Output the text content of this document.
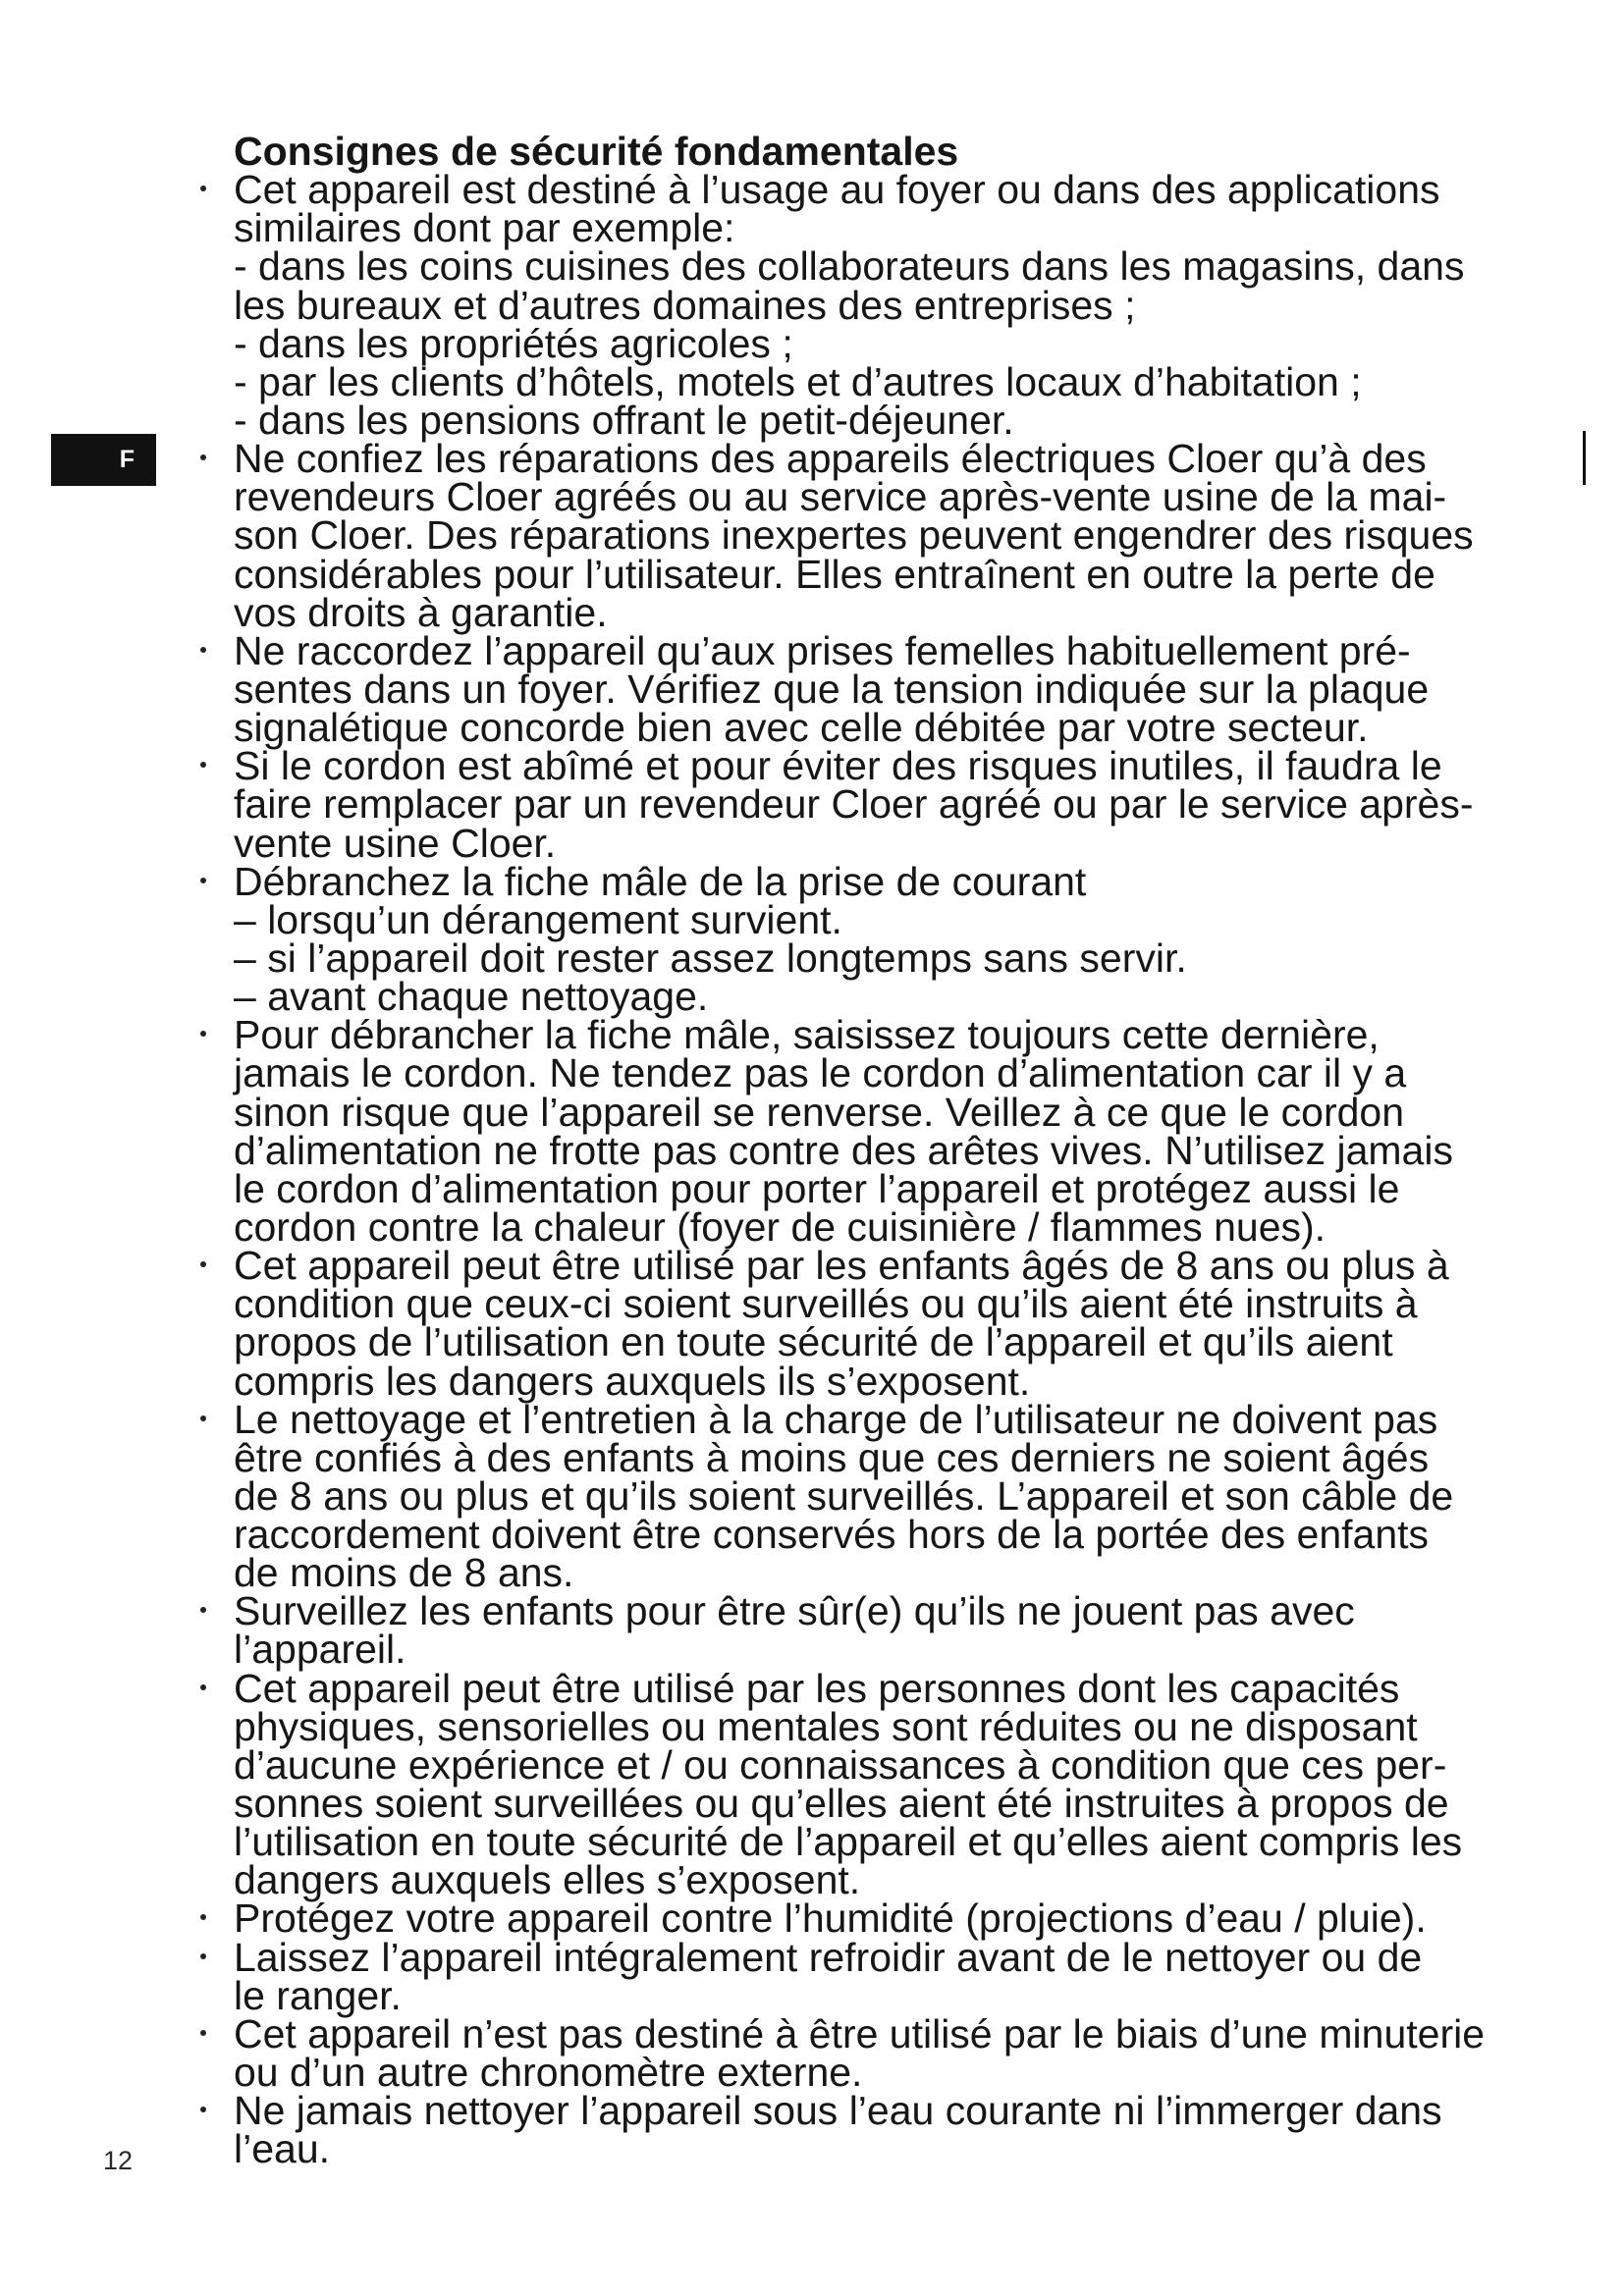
F
Consignes de sécurité fondamentales
Cet appareil est destiné à l’usage au foyer ou dans des applications
similaires dont par exemple:
- dans les coins cuisines des collaborateurs dans les magasins, dans
les bureaux et d’autres domaines des entreprises ;
- dans les propriétés agricoles ;
- par les clients d’hôtels, motels et d’autres locaux d’habitation ;
- dans les pensions offrant le petit-déjeuner.
Ne confiez les réparations des appareils électriques Cloer qu’à des
revendeurs Cloer agréés ou au service après-vente usine de la mai-
son Cloer. Des réparations inexpertes peuvent engendrer des risques
considérables pour l’utilisateur. Elles entraînent en outre la perte de
vos droits à garantie.
Ne raccordez l’appareil qu’aux prises femelles habituellement pré-
sentes dans un foyer. Vérifiez que la tension indiquée sur la plaque
signalétique concorde bien avec celle débitée par votre secteur.
Si le cordon est abîmé et pour éviter des risques inutiles, il faudra le
faire remplacer par un revendeur Cloer agréé ou par le service après-
vente usine Cloer.
Débranchez la fiche mâle de la prise de courant
– lorsqu’un dérangement survient.
– si l’appareil doit rester assez longtemps sans servir.
– avant chaque nettoyage.
Pour débrancher la fiche mâle, saisissez toujours cette dernière,
jamais le cordon. Ne tendez pas le cordon d’alimentation car il y a
sinon risque que l’appareil se renverse. Veillez à ce que le cordon
d’alimentation ne frotte pas contre des arêtes vives. N’utilisez jamais
le cordon d’alimentation pour porter l’appareil et protégez aussi le
cordon contre la chaleur (foyer de cuisinière / flammes nues).
Cet appareil peut être utilisé par les enfants âgés de 8 ans ou plus à
condition que ceux-ci soient surveillés ou qu’ils aient été instruits à
propos de l’utilisation en toute sécurité de l’appareil et qu’ils aient
compris les dangers auxquels ils s’exposent.
Le nettoyage et l’entretien à la charge de l’utilisateur ne doivent pas
être confiés à des enfants à moins que ces derniers ne soient âgés
de 8 ans ou plus et qu’ils soient surveillés. L’appareil et son câble de
raccordement doivent être conservés hors de la portée des enfants
de moins de 8 ans.
Surveillez les enfants pour être sûr(e) qu’ils ne jouent pas avec
l’appareil.
Cet appareil peut être utilisé par les personnes dont les capacités
physiques, sensorielles ou mentales sont réduites ou ne disposant
d’aucune expérience et / ou connaissances à condition que ces per-
sonnes soient surveillées ou qu’elles aient été instruites à propos de
l’utilisation en toute sécurité de l’appareil et qu’elles aient compris les
dangers auxquels elles s’exposent.
Protégez votre appareil contre l’humidité (projections d’eau / pluie).
Laissez l’appareil intégralement refroidir avant de le nettoyer ou de
le ranger.
Cet appareil n’est pas destiné à être utilisé par le biais d’une minuterie
ou d’un autre chronomètre externe.
Ne jamais nettoyer l’appareil sous l’eau courante ni l’immerger dans
l’eau.
12
